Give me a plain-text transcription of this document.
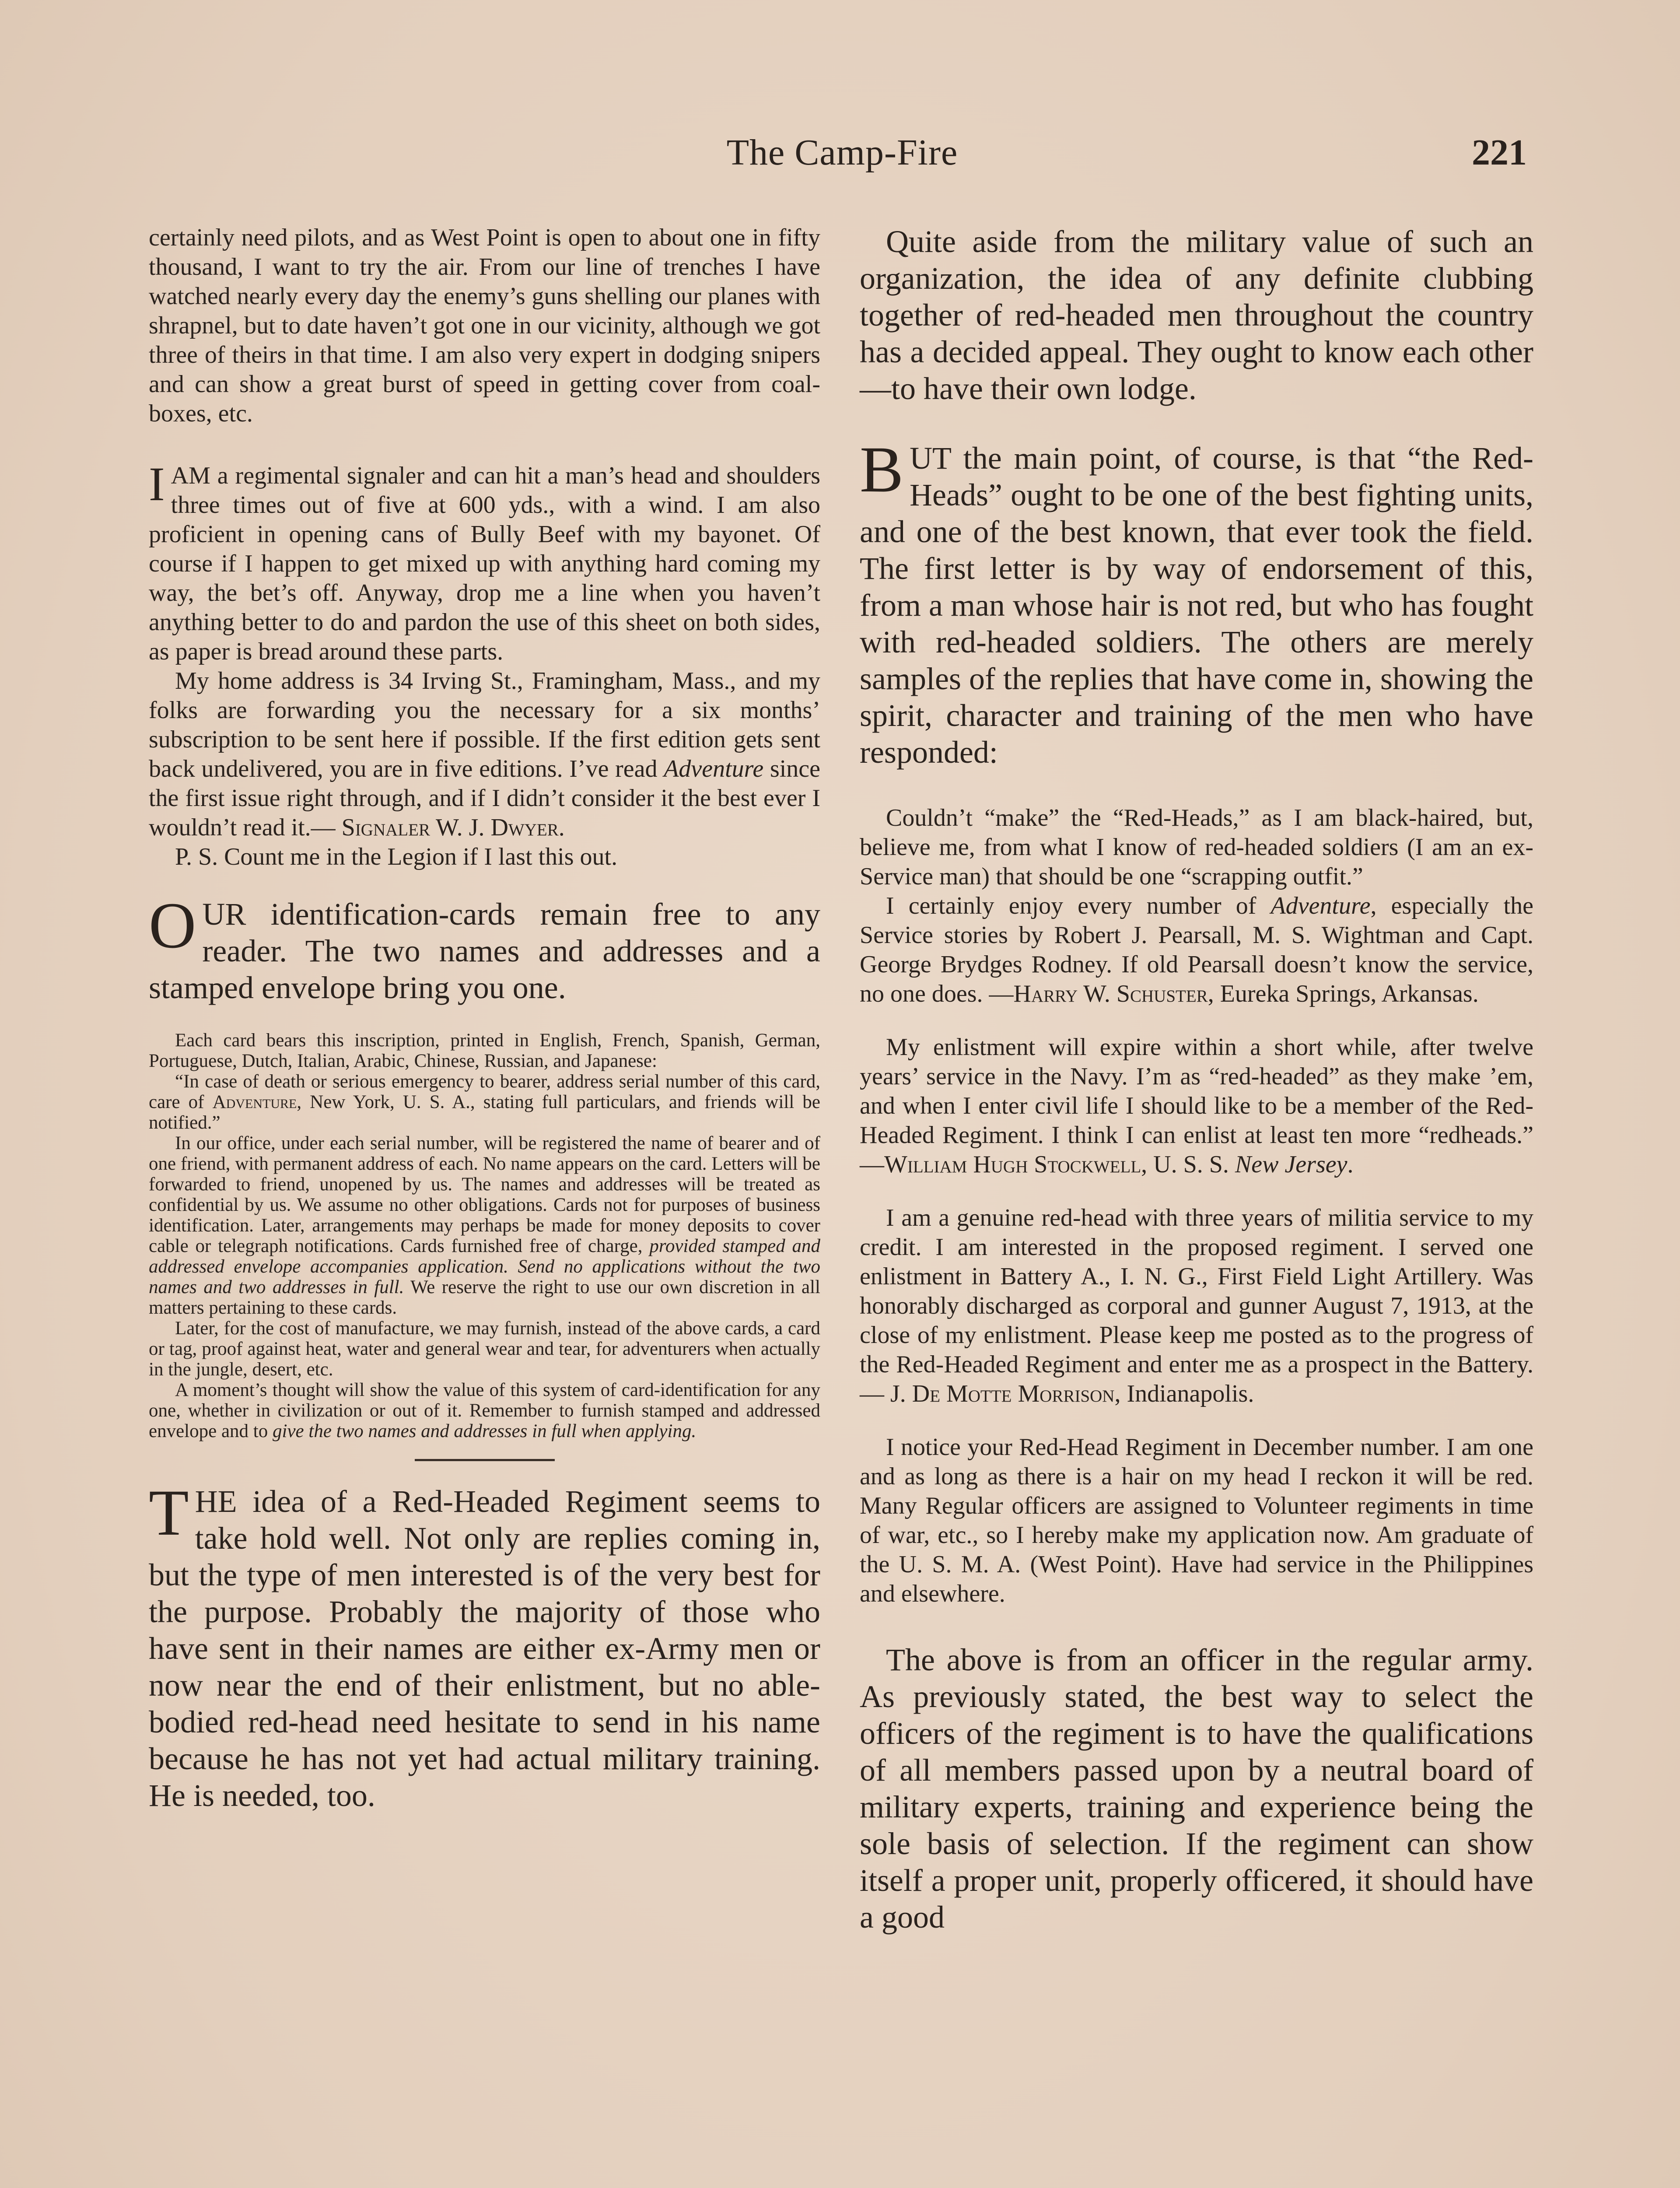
The Camp-Fire	221

certainly need pilots, and as West Point is open to about one in fifty thousand, I want to try the air. From our line of trenches I have watched nearly every day the enemy’s guns shelling our planes with shrapnel, but to date haven’t got one in our vicinity, although we got three of theirs in that time. I am also very expert in dodging snipers and can show a great burst of speed in getting cover from coal-boxes, etc.

I AM a regimental signaler and can hit a man’s head and shoulders three times out of five at 600 yds., with a wind. I am also proficient in opening cans of Bully Beef with my bayonet. Of course if I happen to get mixed up with anything hard coming my way, the bet’s off. Anyway, drop me a line when you haven’t anything better to do and pardon the use of this sheet on both sides, as paper is bread around these parts.

My home address is 34 Irving St., Framingham, Mass., and my folks are forwarding you the necessary for a six months’ subscription to be sent here if possible. If the first edition gets sent back undelivered, you are in five editions. I’ve read Adventure since the first issue right through, and if I didn’t consider it the best ever I wouldn’t read it.— Signaler W. J. Dwyer.

P. S. Count me in the Legion if I last this out.

O UR identification-cards remain free to any reader. The two names and addresses and a stamped envelope bring you one.

Each card bears this inscription, printed in English, French, Spanish, German, Portuguese, Dutch, Italian, Arabic, Chinese, Russian, and Japanese:

“In case of death or serious emergency to bearer, address serial number of this card, care of Adventure, New York, U. S. A., stating full particulars, and friends will be notified.”

In our office, under each serial number, will be registered the name of bearer and of one friend, with permanent address of each. No name appears on the card. Letters will be forwarded to friend, unopened by us. The names and addresses will be treated as confidential by us. We assume no other obligations. Cards not for purposes of business identification. Later, arrangements may perhaps be made for money deposits to cover cable or telegraph notifications. Cards furnished free of charge, provided stamped and addressed envelope accompanies application. Send no applications without the two names and two addresses in full. We reserve the right to use our own discretion in all matters pertaining to these cards.

Later, for the cost of manufacture, we may furnish, instead of the above cards, a card or tag, proof against heat, water and general wear and tear, for adventurers when actually in the jungle, desert, etc.

A moment’s thought will show the value of this system of card-identification for any one, whether in civilization or out of it. Remember to furnish stamped and addressed envelope and to give the two names and addresses in full when applying.

T HE idea of a Red-Headed Regiment seems to take hold well. Not only are replies coming in, but the type of men interested is of the very best for the purpose. Probably the majority of those who have sent in their names are either ex-Army men or now near the end of their enlistment, but no able-bodied red-head need hesitate to send in his name because he has not yet had actual military training. He is needed, too.

Quite aside from the military value of such an organization, the idea of any definite clubbing together of red-headed men throughout the country has a decided appeal. They ought to know each other—to have their own lodge.

B UT the main point, of course, is that “the Red-Heads” ought to be one of the best fighting units, and one of the best known, that ever took the field. The first letter is by way of endorsement of this, from a man whose hair is not red, but who has fought with red-headed soldiers. The others are merely samples of the replies that have come in, showing the spirit, character and training of the men who have responded:

Couldn’t “make” the “Red-Heads,” as I am black-haired, but, believe me, from what I know of red-headed soldiers (I am an ex-Service man) that should be one “scrapping outfit.”

I certainly enjoy every number of Adventure, especially the Service stories by Robert J. Pearsall, M. S. Wightman and Capt. George Brydges Rodney. If old Pearsall doesn’t know the service, no one does. —Harry W. Schuster, Eureka Springs, Arkansas.

My enlistment will expire within a short while, after twelve years’ service in the Navy. I’m as “red-headed” as they make ’em, and when I enter civil life I should like to be a member of the Red-Headed Regiment. I think I can enlist at least ten more “redheads.” —William Hugh Stockwell, U. S. S. New Jersey.

I am a genuine red-head with three years of militia service to my credit. I am interested in the proposed regiment. I served one enlistment in Battery A., I. N. G., First Field Light Artillery. Was honorably discharged as corporal and gunner August 7, 1913, at the close of my enlistment. Please keep me posted as to the progress of the Red-Headed Regiment and enter me as a prospect in the Battery.— J. De Motte Morrison, Indianapolis.

I notice your Red-Head Regiment in December number. I am one and as long as there is a hair on my head I reckon it will be red. Many Regular officers are assigned to Volunteer regiments in time of war, etc., so I hereby make my application now. Am graduate of the U. S. M. A. (West Point). Have had service in the Philippines and elsewhere.

The above is from an officer in the regular army. As previously stated, the best way to select the officers of the regiment is to have the qualifications of all members passed upon by a neutral board of military experts, training and experience being the sole basis of selection. If the regiment can show itself a proper unit, properly officered, it should have a good
